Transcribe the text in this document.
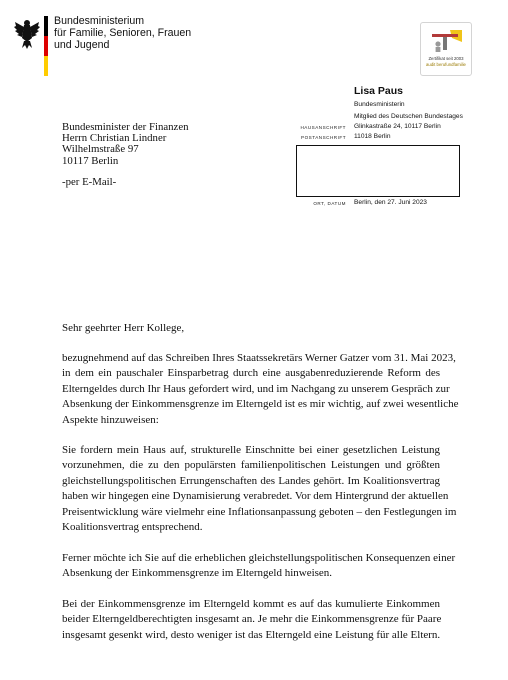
Bundesministerium
für Familie, Senioren, Frauen
und Jugend
Zertifikat seit 2003
audit berufundfamilie
Lisa Paus
Bundesministerin
Mitglied des Deutschen Bundestages
HAUSANSCHRIFT Glinkastraße 24, 10117 Berlin
POSTANSCHRIFT 11018 Berlin
ORT, DATUM Berlin, den 27. Juni 2023
Bundesminister der Finanzen
Herrn Christian Lindner
Wilhelmstraße 97
10117 Berlin
-per E-Mail-
Sehr geehrter Herr Kollege,
bezugnehmend auf das Schreiben Ihres Staatssekretärs Werner Gatzer vom 31. Mai 2023,
in dem ein pauschaler Einsparbetrag durch eine ausgabenreduzierende Reform des
Elterngeldes durch Ihr Haus gefordert wird, und im Nachgang zu unserem Gespräch zur
Absenkung der Einkommensgrenze im Elterngeld ist es mir wichtig, auf zwei wesentliche
Aspekte hinzuweisen:
Sie fordern mein Haus auf, strukturelle Einschnitte bei einer gesetzlichen Leistung
vorzunehmen, die zu den populärsten familienpolitischen Leistungen und größten
gleichstellungspolitischen Errungenschaften des Landes gehört. Im Koalitionsvertrag
haben wir hingegen eine Dynamisierung verabredet. Vor dem Hintergrund der aktuellen
Preisentwicklung wäre vielmehr eine Inflationsanpassung geboten – den Festlegungen im
Koalitionsvertrag entsprechend.
Ferner möchte ich Sie auf die erheblichen gleichstellungspolitischen Konsequenzen einer
Absenkung der Einkommensgrenze im Elterngeld hinweisen.
Bei der Einkommensgrenze im Elterngeld kommt es auf das kumulierte Einkommen
beider Elterngeldberechtigten insgesamt an. Je mehr die Einkommensgrenze für Paare
insgesamt gesenkt wird, desto weniger ist das Elterngeld eine Leistung für alle Eltern.
